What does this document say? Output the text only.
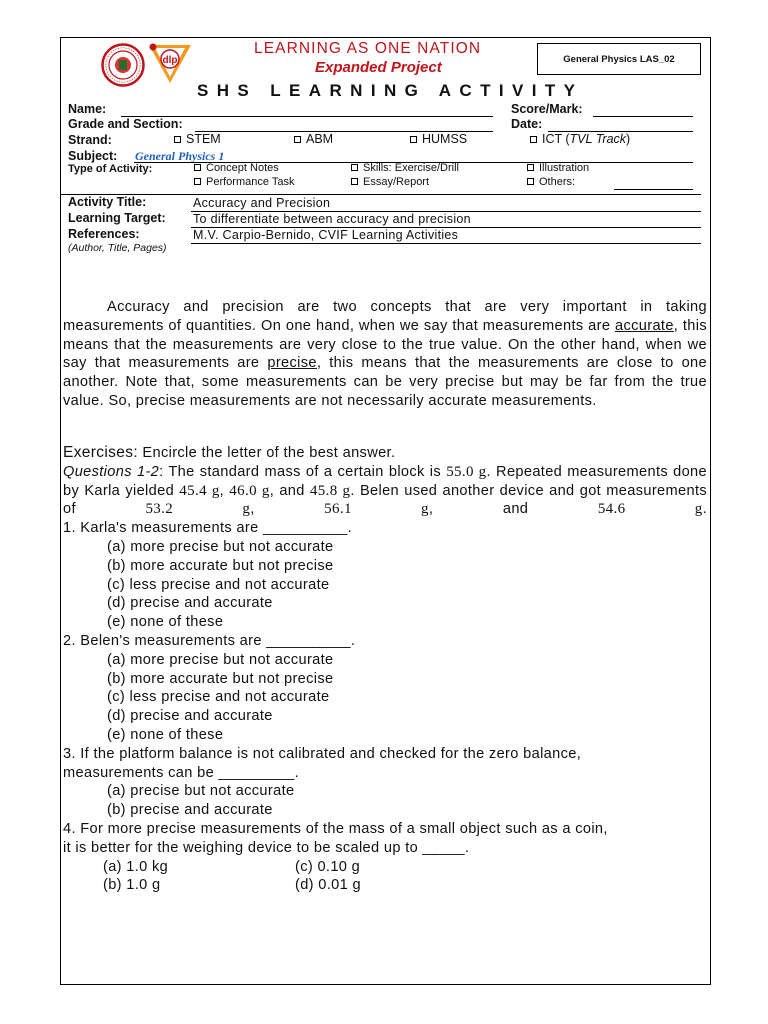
dlp
LEARNING AS ONE NATION
Expanded Project	General Physics LAS_02
SHS LEARNING ACTIVITY
Name:	Score/Mark:
Grade and Section:	Date:
Strand:	STEM	ABM	HUMSS	ICT (TVL Track)
Subject: General Physics 1
Type of Activity:	Concept Notes	Skills: Exercise/Drill	Illustration
Performance Task	Essay/Report	Others:
Activity Title:	Accuracy and Precision
Learning Target: To differentiate between accuracy and precision
References:	M.V. Carpio-Bernido, CVIF Learning Activities
(Author, Title, Pages)

Accuracy and precision are two concepts that are very important in taking measurements of quantities. On one hand, when we say that measurements are accurate, this means that the measurements are very close to the true value. On the other hand, when we say that measurements are precise, this means that the measurements are close to one another. Note that, some measurements can be very precise but may be far from the true value. So, precise measurements are not necessarily accurate measurements.

Exercises: Encircle the letter of the best answer.
Questions 1-2: The standard mass of a certain block is 55.0 g. Repeated measurements done by Karla yielded 45.4 g, 46.0 g, and 45.8 g. Belen used another device and got measurements of 53.2 g, 56.1 g, and 54.6 g.
1. Karla's measurements are __________.
(a) more precise but not accurate
(b) more accurate but not precise
(c) less precise and not accurate
(d) precise and accurate
(e) none of these
2. Belen's measurements are __________.
(a) more precise but not accurate
(b) more accurate but not precise
(c) less precise and not accurate
(d) precise and accurate
(e) none of these
3. If the platform balance is not calibrated and checked for the zero balance,
measurements can be _________.
(a) precise but not accurate
(b) precise and accurate
4. For more precise measurements of the mass of a small object such as a coin,
it is better for the weighing device to be scaled up to _____.
(a) 1.0 kg	(c) 0.10 g
(b) 1.0 g	(d) 0.01 g
